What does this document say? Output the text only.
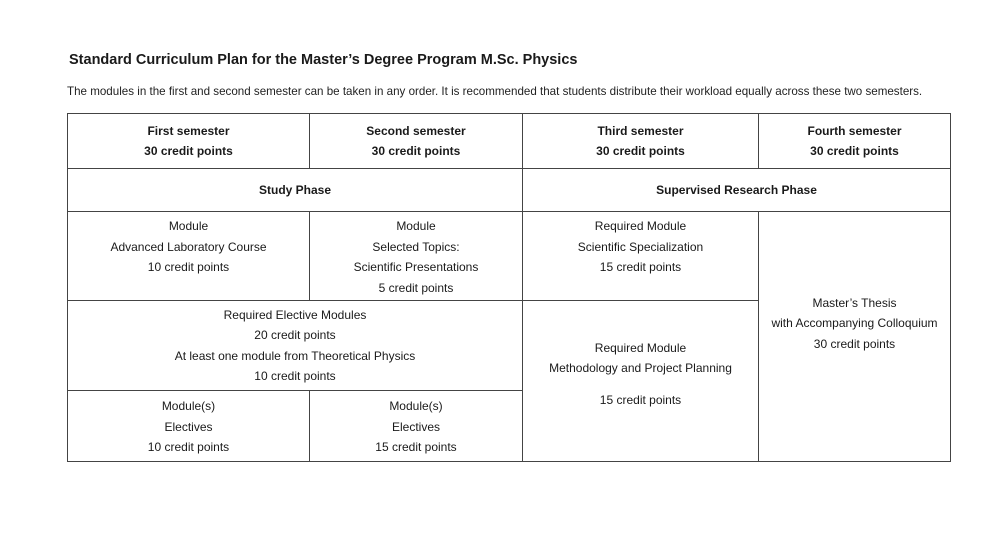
Standard Curriculum Plan for the Master’s Degree Program M.Sc. Physics
The modules in the first and second semester can be taken in any order. It is recommended that students distribute their workload equally across these two semesters.
First semester
30 credit points
Second semester
30 credit points
Third semester
30 credit points
Fourth semester
30 credit points
Study Phase	Supervised Research Phase
Module
Advanced Laboratory Course
10 credit points
Module
Selected Topics:
Scientific Presentations
5 credit points
Required Module
Scientific Specialization
15 credit points
Master’s Thesis
with Accompanying Colloquium
30 credit points
Required Elective Modules
20 credit points
At least one module from Theoretical Physics
10 credit points
Required Module
Methodology and Project Planning
15 credit points
Module(s)
Electives
10 credit points
Module(s)
Electives
15 credit points
